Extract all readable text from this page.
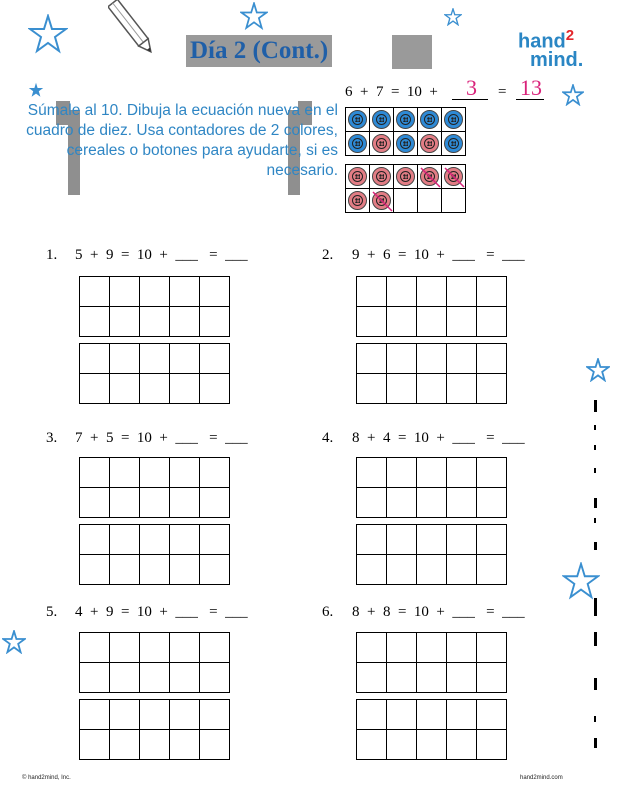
Día 2 (Cont.)	hand$^2$
mind.
Súmale al 10. Dibuja la ecuación nueva en el cuadro de diez. Usa contadores de 2 colores, cereales o botones para ayudarte, si es necesario.
6  +  7  =  10  + 3 = 13

1. 5  +  9  =  10  +  ___   =  ___	2. 9  +  6  =  10  +  ___   =  ___
3. 7  +  5  =  10  +  ___   =  ___	4. 8  +  4  =  10  +  ___   =  ___
5. 4  +  9  =  10  +  ___   =  ___	6. 8  +  8  =  10  +  ___   =  ___

© hand2mind, Inc.	hand2mind.com
